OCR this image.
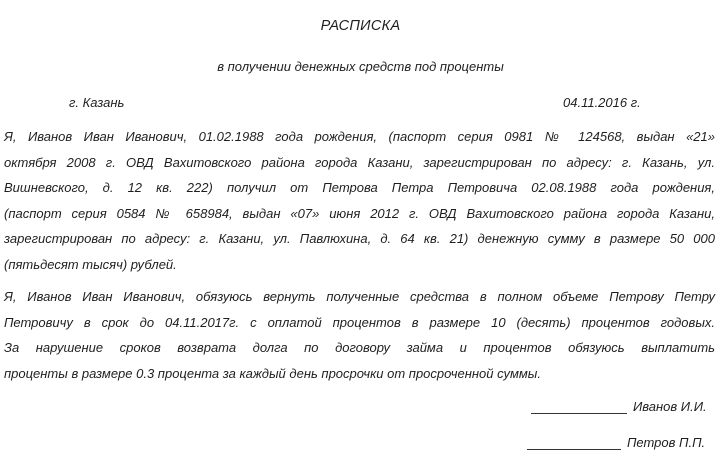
РАСПИСКА
в получении денежных средств под проценты
г. Казань	04.11.2016 г.
Я, Иванов Иван Иванович, 01.02.1988 года рождения, (паспорт серия 0981 № 124568, выдан «21»
октября 2008 г. ОВД Вахитовского района города Казани, зарегистрирован по адресу: г. Казань, ул.
Вишневского, д. 12 кв. 222) получил от Петрова Петра Петровича 02.08.1988 года рождения,
(паспорт серия 0584 № 658984, выдан «07» июня 2012 г. ОВД Вахитовского района города Казани,
зарегистрирован по адресу: г. Казани, ул. Павлюхина, д. 64 кв. 21) денежную сумму в размере 50 000
(пятьдесят тысяч) рублей.
Я, Иванов Иван Иванович, обязуюсь вернуть полученные средства в полном объеме Петрову Петру
Петровичу в срок до 04.11.2017г. с оплатой процентов в размере 10 (десять) процентов годовых.
За нарушение сроков возврата долга по договору займа и процентов обязуюсь выплатить
проценты в размере 0.3 процента за каждый день просрочки от просроченной суммы.
Иванов И.И.
Петров П.П.
